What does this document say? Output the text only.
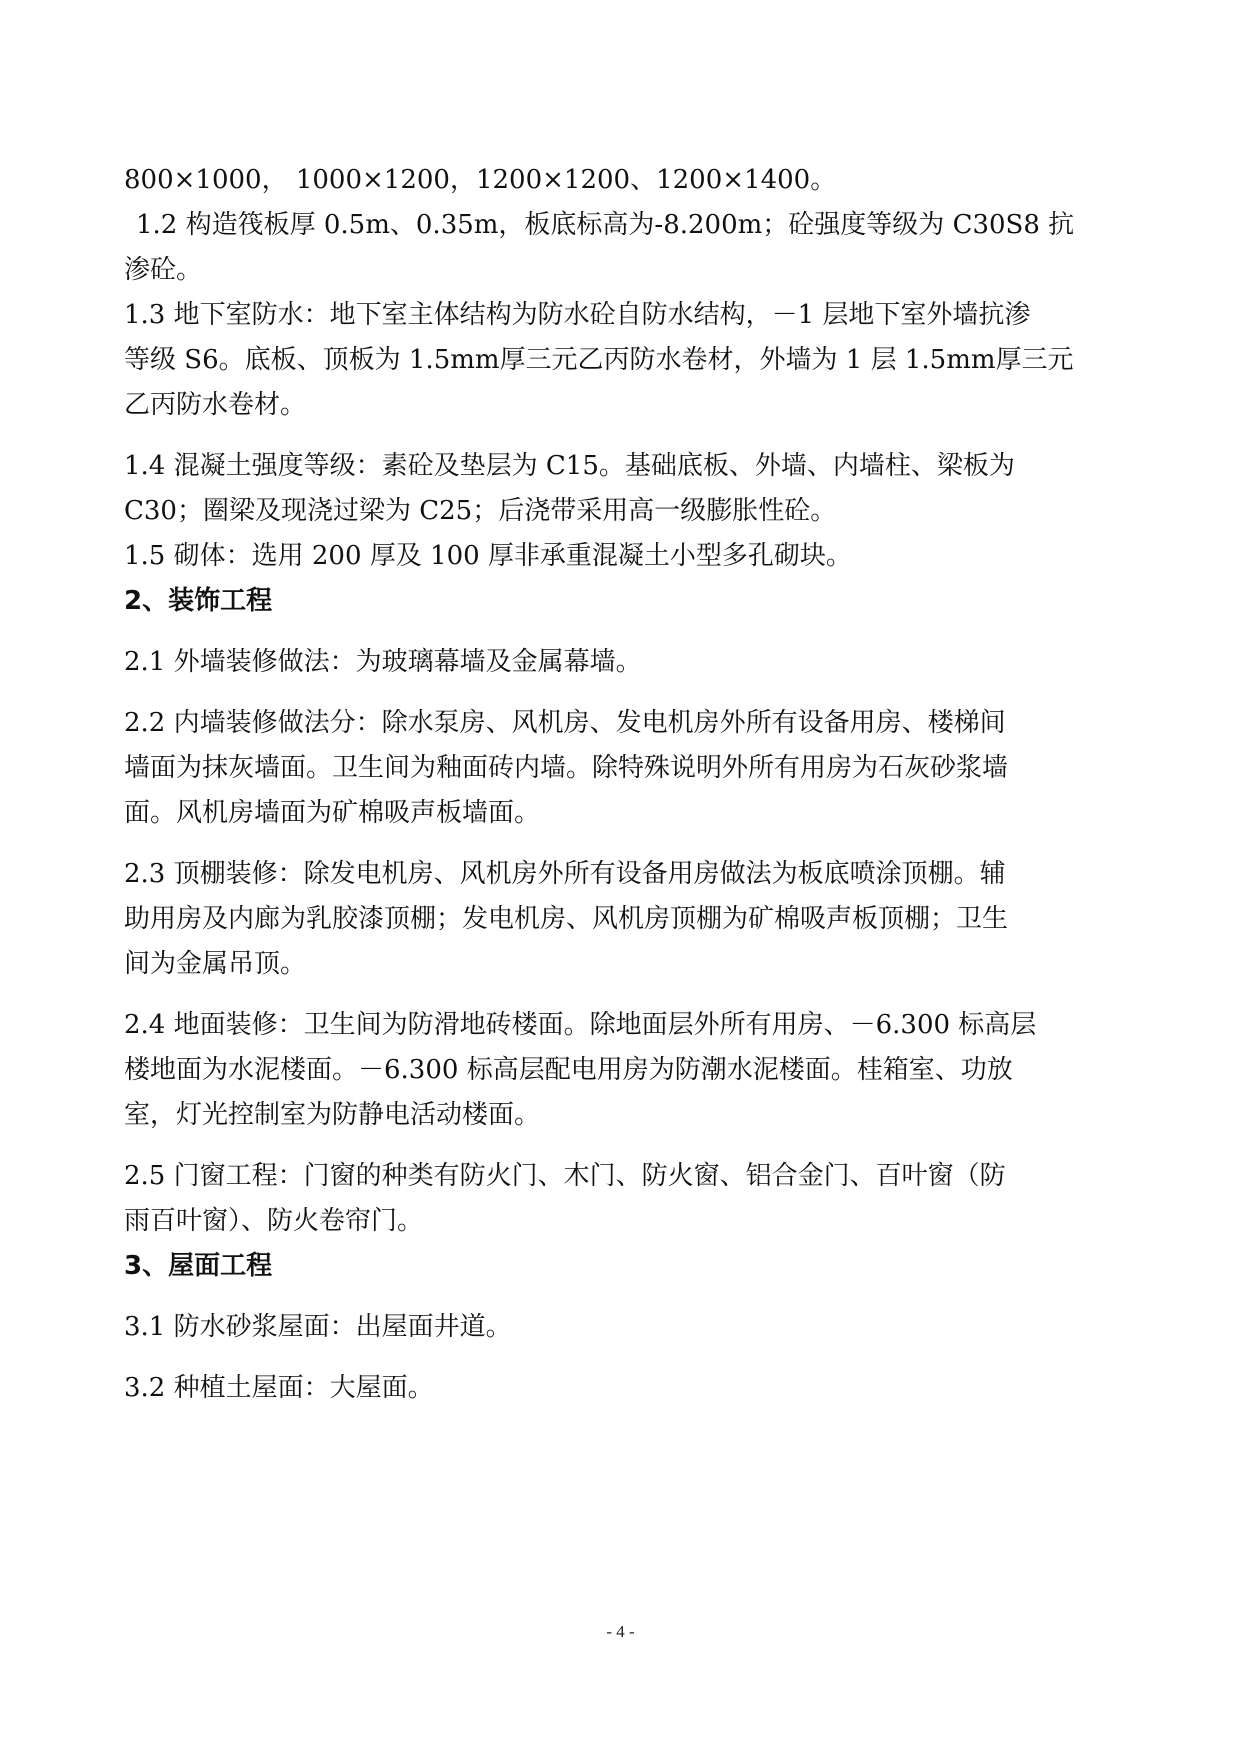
800×1000， 1000×1200，1200×1200、1200×1400。

1.2 构造筏板厚 0.5m、0.35m，板底标高为-8.200m；砼强度等级为 C30S8 抗

渗砼。

1.3 地下室防水：地下室主体结构为防水砼自防水结构，－1 层地下室外墙抗渗

等级 S6。底板、顶板为 1.5mm厚三元乙丙防水卷材，外墙为 1 层 1.5mm厚三元

乙丙防水卷材。

1.4 混凝土强度等级：素砼及垫层为 C15。基础底板、外墙、内墙柱、梁板为

C30；圈梁及现浇过梁为 C25；后浇带采用高一级膨胀性砼。

1.5 砌体：选用 200 厚及 100 厚非承重混凝土小型多孔砌块。

2、装饰工程

2.1 外墙装修做法：为玻璃幕墙及金属幕墙。

2.2 内墙装修做法分：除水泵房、风机房、发电机房外所有设备用房、楼梯间

墙面为抹灰墙面。卫生间为釉面砖内墙。除特殊说明外所有用房为石灰砂浆墙

面。风机房墙面为矿棉吸声板墙面。

2.3 顶棚装修：除发电机房、风机房外所有设备用房做法为板底喷涂顶棚。辅

助用房及内廊为乳胶漆顶棚；发电机房、风机房顶棚为矿棉吸声板顶棚；卫生

间为金属吊顶。

2.4 地面装修：卫生间为防滑地砖楼面。除地面层外所有用房、－6.300 标高层

楼地面为水泥楼面。－6.300 标高层配电用房为防潮水泥楼面。桂箱室、功放

室，灯光控制室为防静电活动楼面。

2.5 门窗工程：门窗的种类有防火门、木门、防火窗、铝合金门、百叶窗（防

雨百叶窗）、防火卷帘门。

3、屋面工程

3.1 防水砂浆屋面：出屋面井道。

3.2 种植土屋面：大屋面。

- 4 -
